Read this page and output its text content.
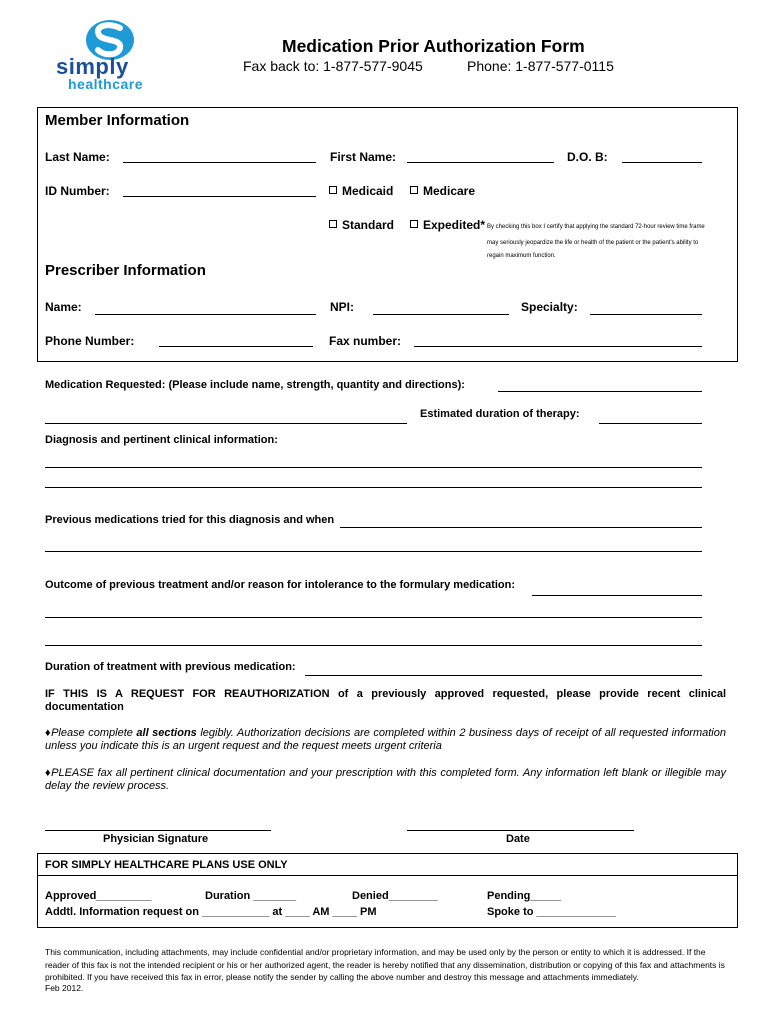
simply
healthcare
Medication Prior Authorization Form
Fax back to: 1-877-577-9045	Phone: 1-877-577-0115
Member Information
Last Name:	First Name:	D.O. B:
ID Number:	Medicaid	Medicare
Standard	Expedited* By checking this box I certify that applying the standard 72-hour review time frame
may seriously jeopardize the life or health of the patient or the patient's ability to
regain maximum function.
Prescriber Information
Name:	NPI:	Specialty:
Phone Number:	Fax number:
Medication Requested: (Please include name, strength, quantity and directions):
Estimated duration of therapy:
Diagnosis and pertinent clinical information:
Previous medications tried for this diagnosis and when
Outcome of previous treatment and/or reason for intolerance to the formulary medication:
Duration of treatment with previous medication:
IF THIS IS A REQUEST FOR REAUTHORIZATION of a previously approved requested, please provide recent clinical documentation
♦Please complete all sections legibly. Authorization decisions are completed within 2 business days of receipt of all requested information unless you indicate this is an urgent request and the request meets urgent criteria
♦PLEASE fax all pertinent clinical documentation and your prescription with this completed form. Any information left blank or illegible may delay the review process.
Physician Signature	Date
FOR SIMPLY HEALTHCARE PLANS USE ONLY
Approved_________	Duration _______	Denied________	Pending_____
Addtl. Information request on ___________ at ____ AM ____ PM	Spoke to _____________
This communication, including attachments, may include confidential and/or proprietary information, and may be used only by the person or entity to which it is addressed. If the reader of this fax is not the intended recipient or his or her authorized agent, the reader is hereby notified that any dissemination, distribution or copying of this fax and attachments is prohibited. If you have received this fax in error, please notify the sender by calling the above number and destroy this message and attachments immediately.
Feb 2012.
